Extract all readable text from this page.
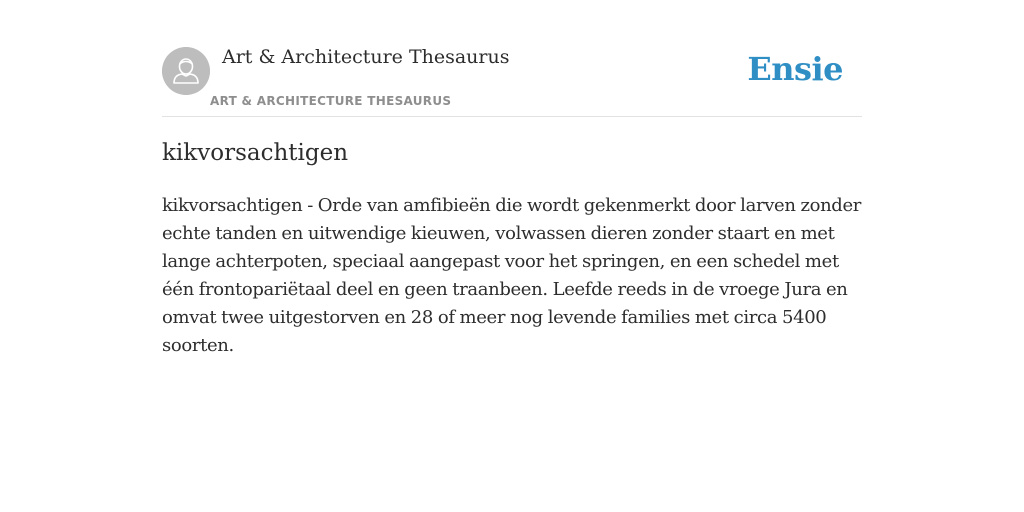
Art & Architecture Thesaurus
ART & ARCHITECTURE THESAURUS
Ensie
kikvorsachtigen

kikvorsachtigen - Orde van amfibieën die wordt gekenmerkt door larven zonder echte tanden en uitwendige kieuwen, volwassen dieren zonder staart en met lange achterpoten, speciaal aangepast voor het springen, en een schedel met één frontopariëtaal deel en geen traanbeen. Leefde reeds in de vroege Jura en omvat twee uitgestorven en 28 of meer nog levende families met circa 5400 soorten.
